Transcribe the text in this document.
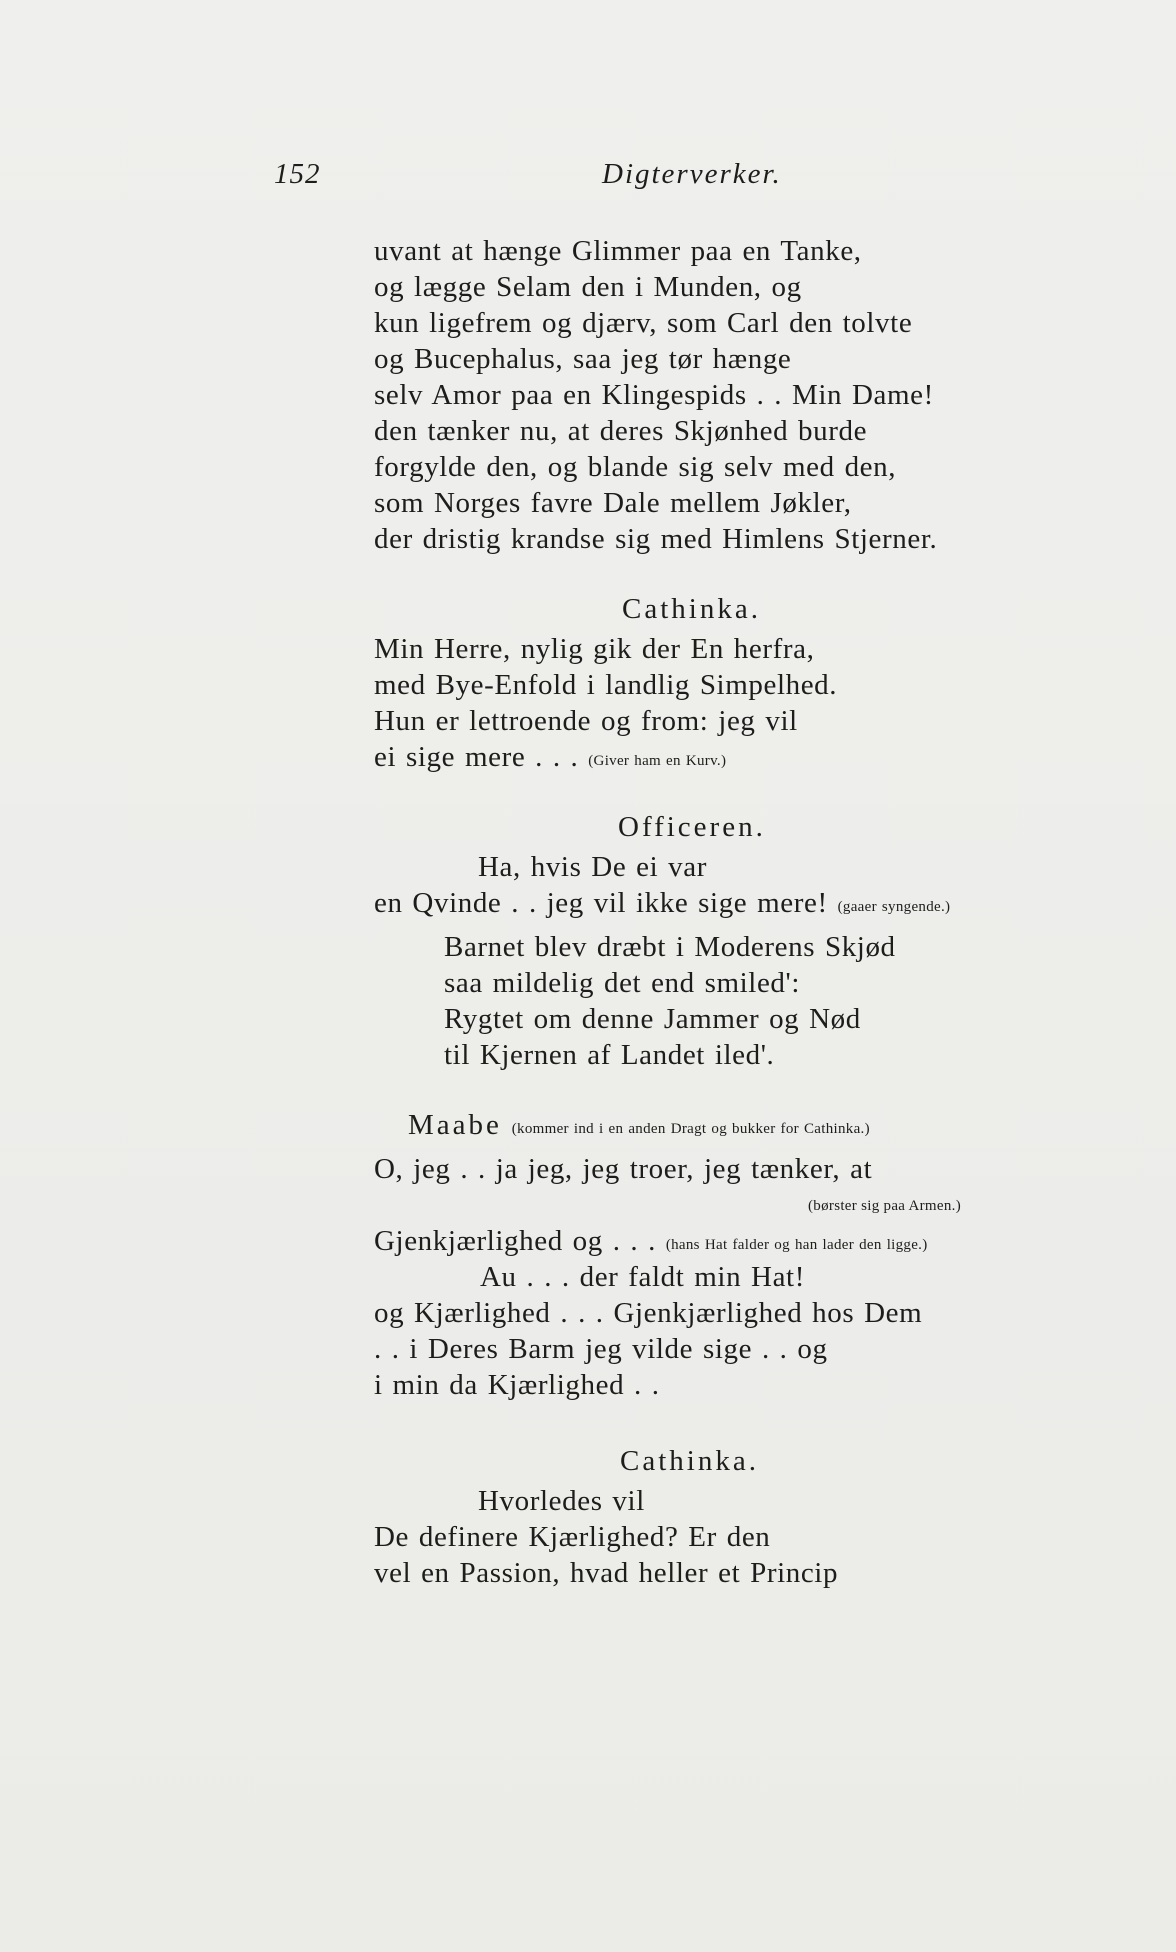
152	Digterverker.
uvant at hænge Glimmer paa en Tanke,
og lægge Selam den i Munden, og
kun ligefrem og djærv, som Carl den tolvte
og Bucephalus, saa jeg tør hænge
selv Amor paa en Klingespids . . Min Dame!
den tænker nu, at deres Skjønhed burde
forgylde den, og blande sig selv med den,
som Norges favre Dale mellem Jøkler,
der dristig krandse sig med Himlens Stjerner.
Cathinka.
Min Herre, nylig gik der En herfra,
med Bye-Enfold i landlig Simpelhed.
Hun er lettroende og from: jeg vil
ei sige mere . . . (Giver ham en Kurv.)
Officeren.
Ha, hvis De ei var
en Qvinde . . jeg vil ikke sige mere! (gaaer syngende.)
Barnet blev dræbt i Moderens Skjød
saa mildelig det end smiled':
Rygtet om denne Jammer og Nød
til Kjernen af Landet iled'.
Maabe (kommer ind i en anden Dragt og bukker for Cathinka.)
O, jeg . . ja jeg, jeg troer, jeg tænker, at
(børster sig paa Armen.)
Gjenkjærlighed og . . . (hans Hat falder og han lader den ligge.)
Au . . . der faldt min Hat!
og Kjærlighed . . . Gjenkjærlighed hos Dem
. . i Deres Barm jeg vilde sige . . og
i min da Kjærlighed . .
Cathinka.
Hvorledes vil
De definere Kjærlighed? Er den
vel en Passion, hvad heller et Princip
